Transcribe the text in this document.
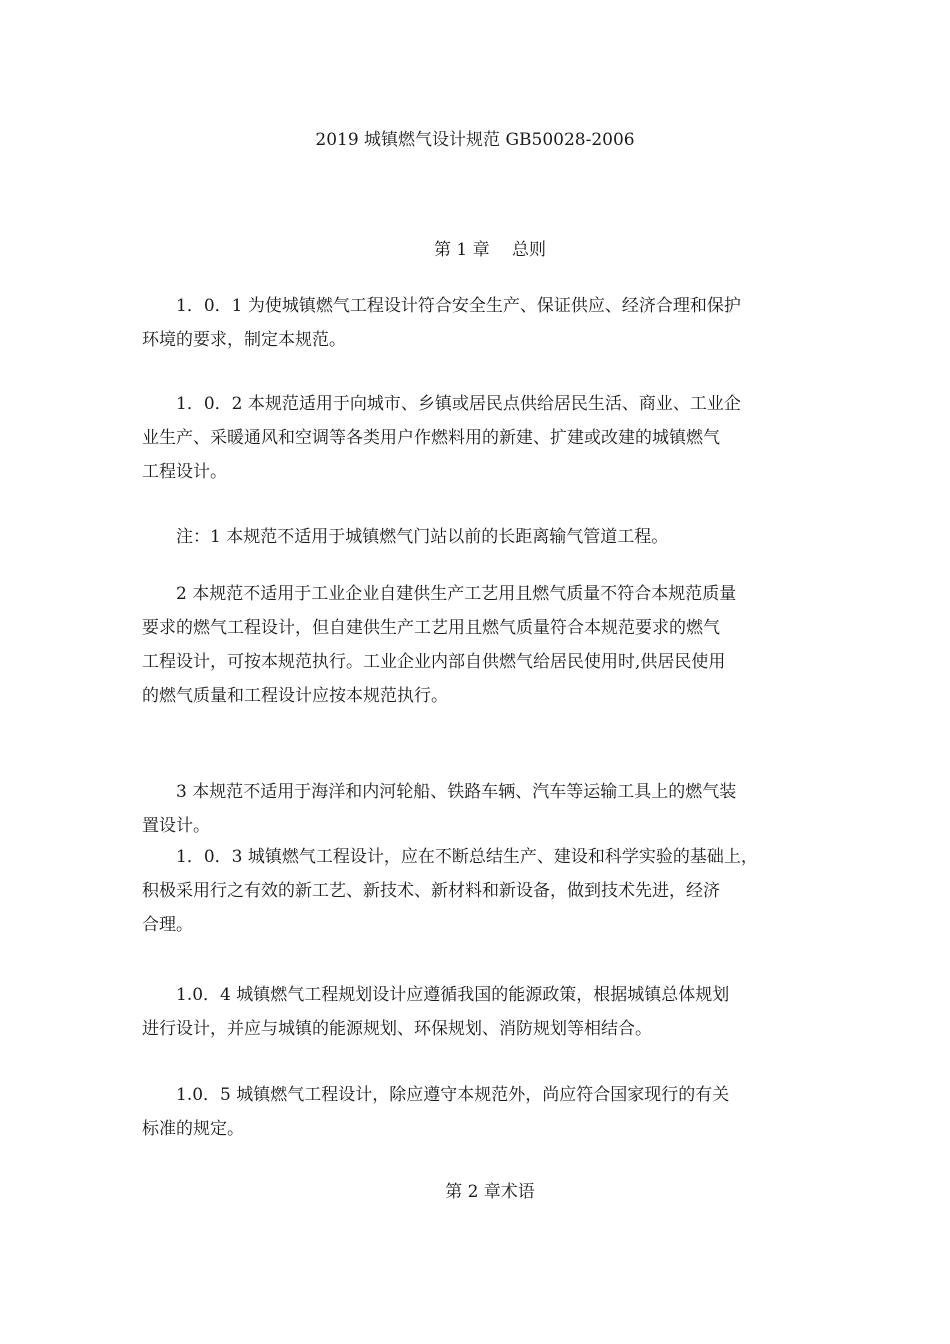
2019 城镇燃气设计规范 GB50028-2006
第 1 章　 总则
　　1．0．1 为使城镇燃气工程设计符合安全生产、保证供应、经济合理和保护
环境的要求，制定本规范。
　　1．0．2 本规范适用于向城市、乡镇或居民点供给居民生活、商业、工业企
业生产、采暖通风和空调等各类用户作燃料用的新建、扩建或改建的城镇燃气
工程设计。
　　注：1 本规范不适用于城镇燃气门站以前的长距离输气管道工程。
　　2 本规范不适用于工业企业自建供生产工艺用且燃气质量不符合本规范质量
要求的燃气工程设计，但自建供生产工艺用且燃气质量符合本规范要求的燃气
工程设计，可按本规范执行。工业企业内部自供燃气给居民使用时,供居民使用
的燃气质量和工程设计应按本规范执行。
　　3 本规范不适用于海洋和内河轮船、铁路车辆、汽车等运输工具上的燃气装
置设计。
　　1．0．3 城镇燃气工程设计，应在不断总结生产、建设和科学实验的基础上，
积极采用行之有效的新工艺、新技术、新材料和新设备，做到技术先进，经济
合理。
　　1.0．4 城镇燃气工程规划设计应遵循我国的能源政策，根据城镇总体规划
进行设计，并应与城镇的能源规划、环保规划、消防规划等相结合。
　　1.0．5 城镇燃气工程设计，除应遵守本规范外，尚应符合国家现行的有关
标准的规定。
第 2 章术语
